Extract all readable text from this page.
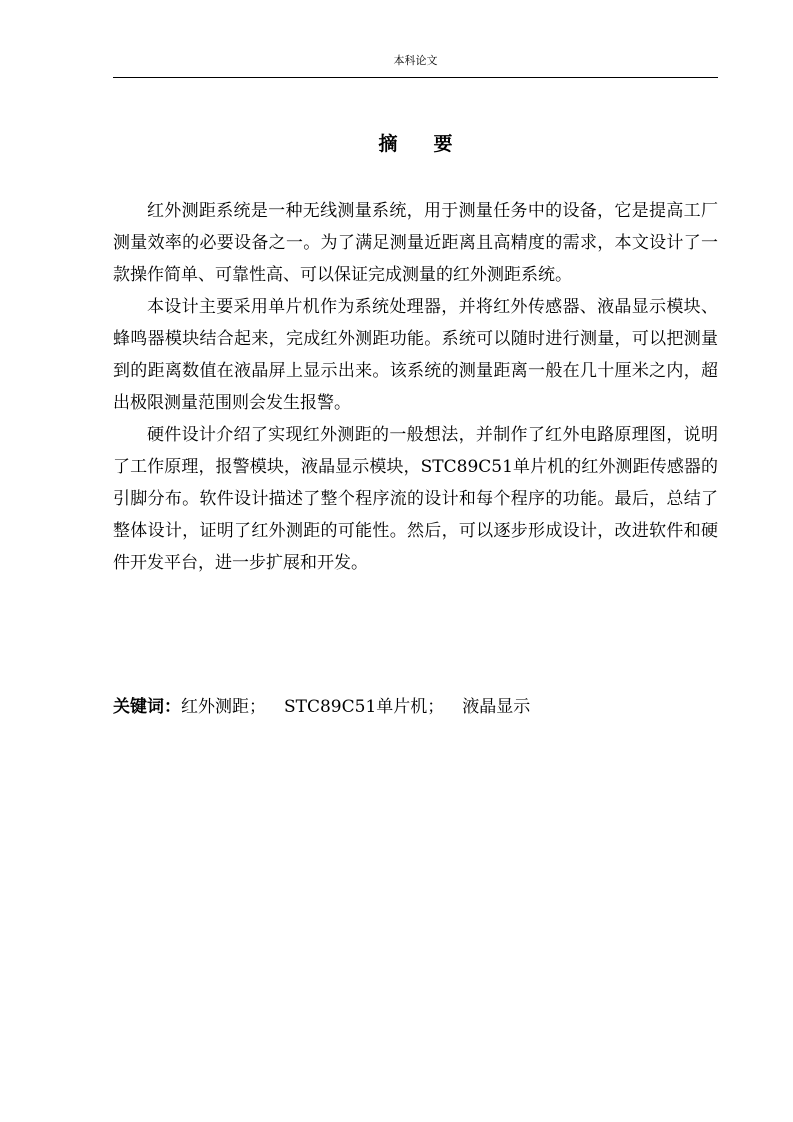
本科论文
摘要

红外测距系统是一种无线测量系统，用于测量任务中的设备，它是提高工厂测量效率的必要设备之一。为了满足测量近距离且高精度的需求，本文设计了一款操作简单、可靠性高、可以保证完成测量的红外测距系统。

本设计主要采用单片机作为系统处理器，并将红外传感器、液晶显示模块、蜂鸣器模块结合起来，完成红外测距功能。系统可以随时进行测量，可以把测量到的距离数值在液晶屏上显示出来。该系统的测量距离一般在几十厘米之内，超出极限测量范围则会发生报警。

硬件设计介绍了实现红外测距的一般想法，并制作了红外电路原理图，说明了工作原理，报警模块，液晶显示模块，STC89C51单片机的红外测距传感器的引脚分布。软件设计描述了整个程序流的设计和每个程序的功能。最后，总结了整体设计，证明了红外测距的可能性。然后，可以逐步形成设计，改进软件和硬件开发平台，进一步扩展和开发。

关键词：红外测距； STC89C51单片机； 液晶显示
